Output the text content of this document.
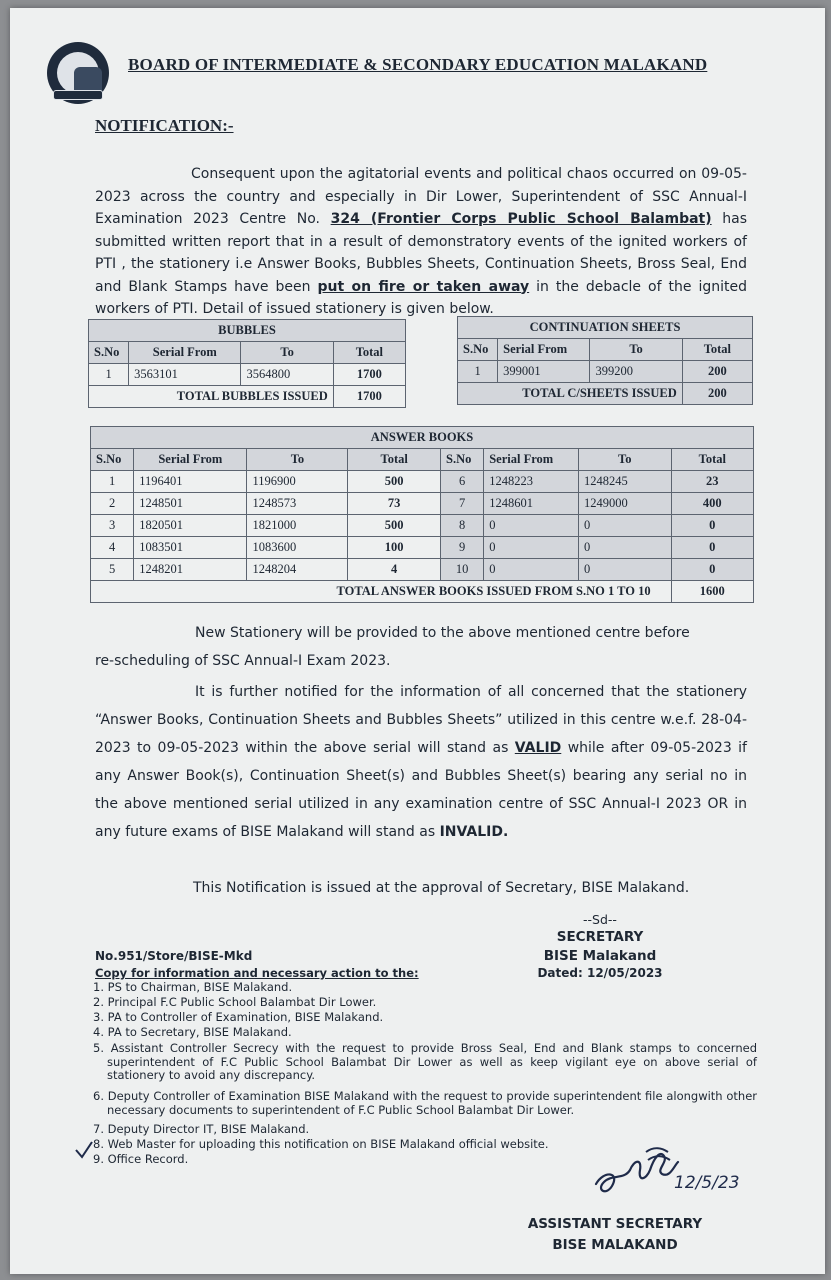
BOARD OF INTERMEDIATE & SECONDARY EDUCATION MALAKAND
NOTIFICATION:-
Consequent upon the agitatorial events and political chaos occurred on 09-05-2023 across the country and especially in Dir Lower, Superintendent of SSC Annual-I Examination 2023 Centre No. 324 (Frontier Corps Public School Balambat) has submitted written report that in a result of demonstratory events of the ignited workers of PTI , the stationery i.e Answer Books, Bubbles Sheets, Continuation Sheets, Bross Seal, End and Blank Stamps have been put on fire or taken away in the debacle of the ignited workers of PTI. Detail of issued stationery is given below.
BUBBLES			
S.No	Serial From	To	Total
1	3563101	3564800	1700
TOTAL BUBBLES ISSUED			1700
CONTINUATION SHEETS			
S.No	Serial From	To	Total
1	399001	399200	200
TOTAL C/SHEETS ISSUED			200
ANSWER BOOKS							
S.No	Serial From	To	Total	S.No	Serial From	To	Total
1	1196401	1196900	500	6	1248223	1248245	23
2	1248501	1248573	73	7	1248601	1249000	400
3	1820501	1821000	500	8	0	0	0
4	1083501	1083600	100	9	0	0	0
5	1248201	1248204	4	10	0	0	0
TOTAL ANSWER BOOKS ISSUED FROM S.NO 1 TO 10							1600
New Stationery will be provided to the above mentioned centre before
re-scheduling of SSC Annual-I Exam 2023.
It is further notified for the information of all concerned that the stationery “Answer Books, Continuation Sheets and Bubbles Sheets” utilized in this centre w.e.f. 28-04-2023 to 09-05-2023 within the above serial will stand as VALID while after 09-05-2023 if any Answer Book(s), Continuation Sheet(s) and Bubbles Sheet(s) bearing any serial no in the above mentioned serial utilized in any examination centre of SSC Annual-I 2023 OR in any future exams of BISE Malakand will stand as INVALID.
This Notification is issued at the approval of Secretary, BISE Malakand.
--Sd--
SECRETARY
BISE Malakand
Dated: 12/05/2023
No.951/Store/BISE-Mkd
Copy for information and necessary action to the:
1. PS to Chairman, BISE Malakand.
2. Principal F.C Public School Balambat Dir Lower.
3. PA to Controller of Examination, BISE Malakand.
4. PA to Secretary, BISE Malakand.
5. Assistant Controller Secrecy with the request to provide Bross Seal, End and Blank stamps to concerned superintendent of F.C Public School Balambat Dir Lower as well as keep vigilant eye on above serial of stationery to avoid any discrepancy.
6. Deputy Controller of Examination BISE Malakand with the request to provide superintendent file alongwith other necessary documents to superintendent of F.C Public School Balambat Dir Lower.
7. Deputy Director IT, BISE Malakand.
8. Web Master for uploading this notification on BISE Malakand official website.
9. Office Record.
12/5/23
ASSISTANT SECRETARY
BISE MALAKAND
